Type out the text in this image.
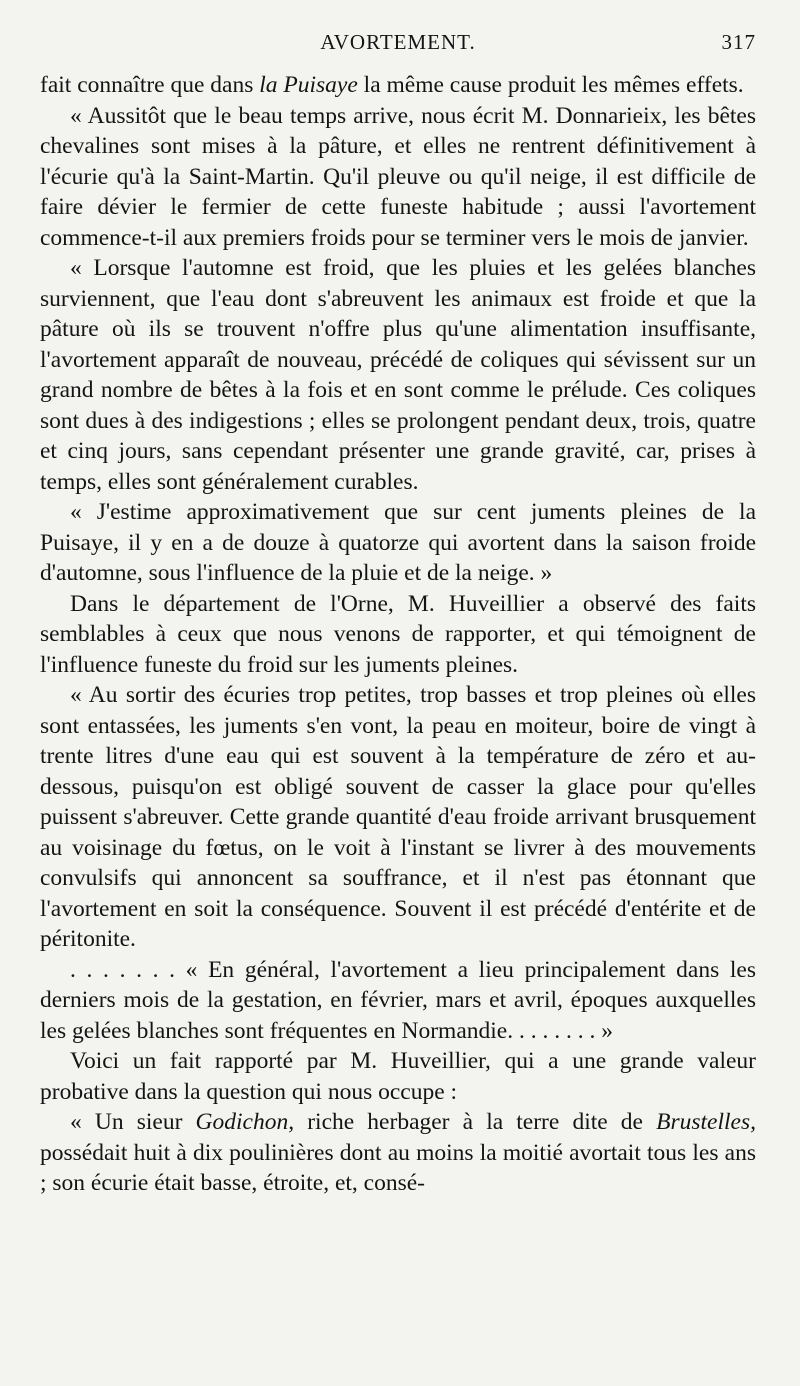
AVORTEMENT.	317

fait connaître que dans la Puisaye la même cause produit les mêmes effets.

« Aussitôt que le beau temps arrive, nous écrit M. Donnarieix, les bêtes chevalines sont mises à la pâture, et elles ne rentrent définitivement à l'écurie qu'à la Saint-Martin. Qu'il pleuve ou qu'il neige, il est difficile de faire dévier le fermier de cette funeste habitude ; aussi l'avortement commence-t-il aux premiers froids pour se terminer vers le mois de janvier.

« Lorsque l'automne est froid, que les pluies et les gelées blanches surviennent, que l'eau dont s'abreuvent les animaux est froide et que la pâture où ils se trouvent n'offre plus qu'une alimentation insuffisante, l'avortement apparaît de nouveau, précédé de coliques qui sévissent sur un grand nombre de bêtes à la fois et en sont comme le prélude. Ces coliques sont dues à des indigestions ; elles se prolongent pendant deux, trois, quatre et cinq jours, sans cependant présenter une grande gravité, car, prises à temps, elles sont généralement curables.

« J'estime approximativement que sur cent juments pleines de la Puisaye, il y en a de douze à quatorze qui avortent dans la saison froide d'automne, sous l'influence de la pluie et de la neige. »

Dans le département de l'Orne, M. Huveillier a observé des faits semblables à ceux que nous venons de rapporter, et qui témoignent de l'influence funeste du froid sur les juments pleines.

« Au sortir des écuries trop petites, trop basses et trop pleines où elles sont entassées, les juments s'en vont, la peau en moiteur, boire de vingt à trente litres d'une eau qui est souvent à la température de zéro et au-dessous, puisqu'on est obligé souvent de casser la glace pour qu'elles puissent s'abreuver. Cette grande quantité d'eau froide arrivant brusquement au voisinage du fœtus, on le voit à l'instant se livrer à des mouvements convulsifs qui annoncent sa souffrance, et il n'est pas étonnant que l'avortement en soit la conséquence. Souvent il est précédé d'entérite et de péritonite.

. . . . . . . « En général, l'avortement a lieu principalement dans les derniers mois de la gestation, en février, mars et avril, époques auxquelles les gelées blanches sont fréquentes en Normandie. . . . . . . . »

Voici un fait rapporté par M. Huveillier, qui a une grande valeur probative dans la question qui nous occupe :

« Un sieur Godichon, riche herbager à la terre dite de Brustelles, possédait huit à dix poulinières dont au moins la moitié avortait tous les ans ; son écurie était basse, étroite, et, consé-
